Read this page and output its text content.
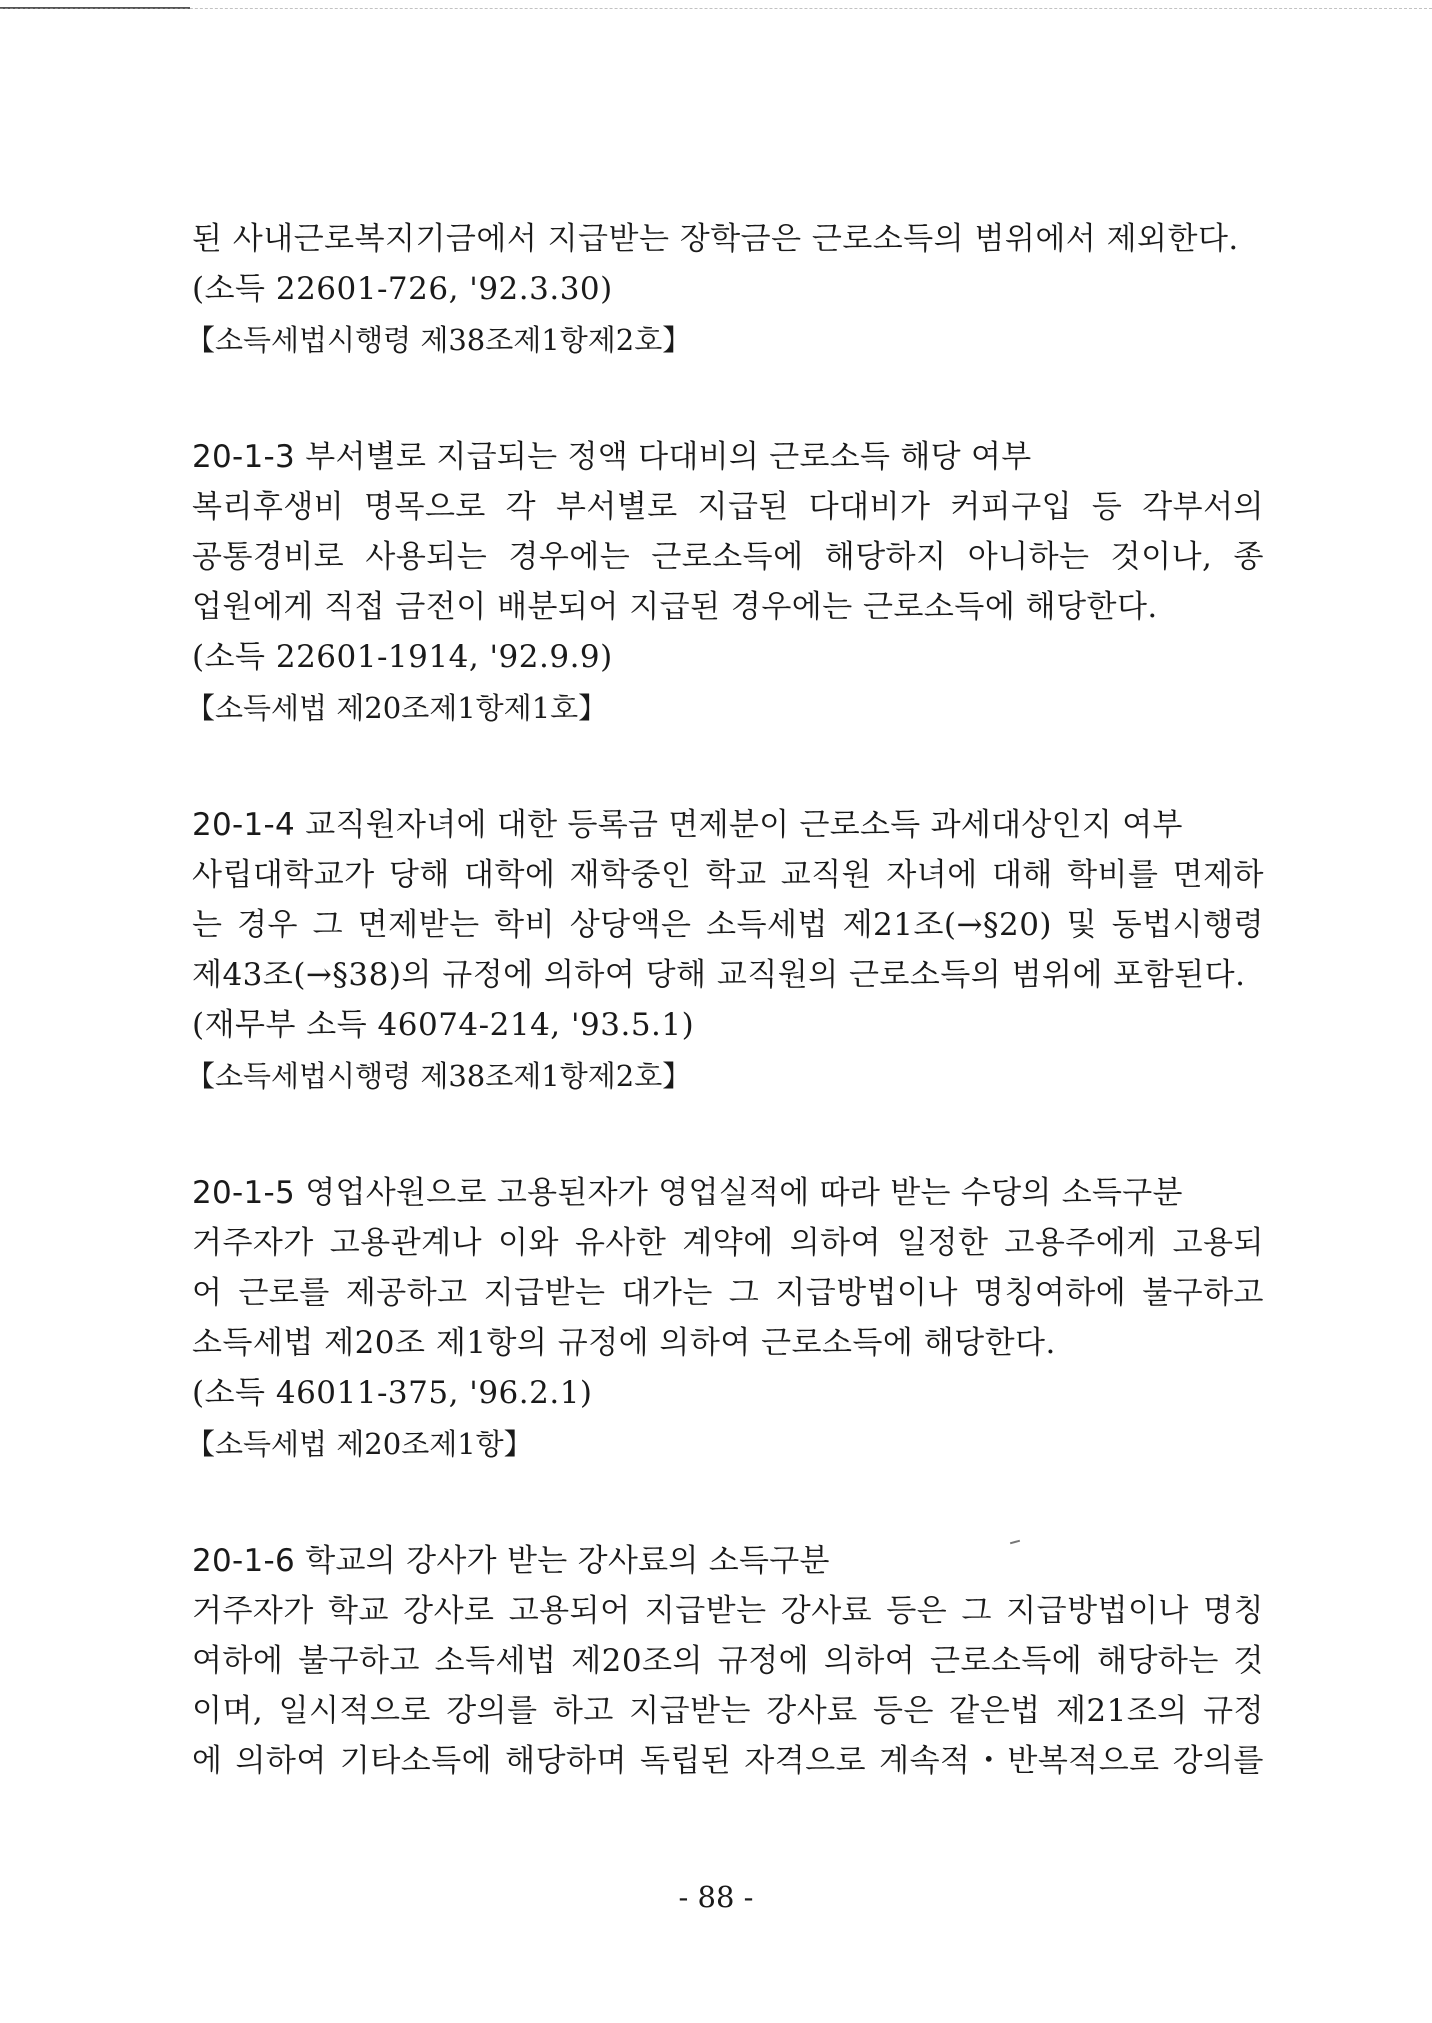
된 사내근로복지기금에서 지급받는 장학금은 근로소득의 범위에서 제외한다.
(소득 22601-726, '92.3.30)
【소득세법시행령 제38조제1항제2호】
20-1-3 부서별로 지급되는 정액 다대비의 근로소득 해당 여부
복리후생비 명목으로 각 부서별로 지급된 다대비가 커피구입 등 각부서의
공통경비로 사용되는 경우에는 근로소득에 해당하지 아니하는 것이나, 종
업원에게 직접 금전이 배분되어 지급된 경우에는 근로소득에 해당한다.
(소득 22601-1914, '92.9.9)
【소득세법 제20조제1항제1호】
20-1-4 교직원자녀에 대한 등록금 면제분이 근로소득 과세대상인지 여부
사립대학교가 당해 대학에 재학중인 학교 교직원 자녀에 대해 학비를 면제하
는 경우 그 면제받는 학비 상당액은 소득세법 제21조(→§20) 및 동법시행령
제43조(→§38)의 규정에 의하여 당해 교직원의 근로소득의 범위에 포함된다.
(재무부 소득 46074-214, '93.5.1)
【소득세법시행령 제38조제1항제2호】
20-1-5 영업사원으로 고용된자가 영업실적에 따라 받는 수당의 소득구분
거주자가 고용관계나 이와 유사한 계약에 의하여 일정한 고용주에게 고용되
어 근로를 제공하고 지급받는 대가는 그 지급방법이나 명칭여하에 불구하고
소득세법 제20조 제1항의 규정에 의하여 근로소득에 해당한다.
(소득 46011-375, '96.2.1)
【소득세법 제20조제1항】
20-1-6 학교의 강사가 받는 강사료의 소득구분
거주자가 학교 강사로 고용되어 지급받는 강사료 등은 그 지급방법이나 명칭
여하에 불구하고 소득세법 제20조의 규정에 의하여 근로소득에 해당하는 것
이며, 일시적으로 강의를 하고 지급받는 강사료 등은 같은법 제21조의 규정
에 의하여 기타소득에 해당하며 독립된 자격으로 계속적・반복적으로 강의를
- 88 -
